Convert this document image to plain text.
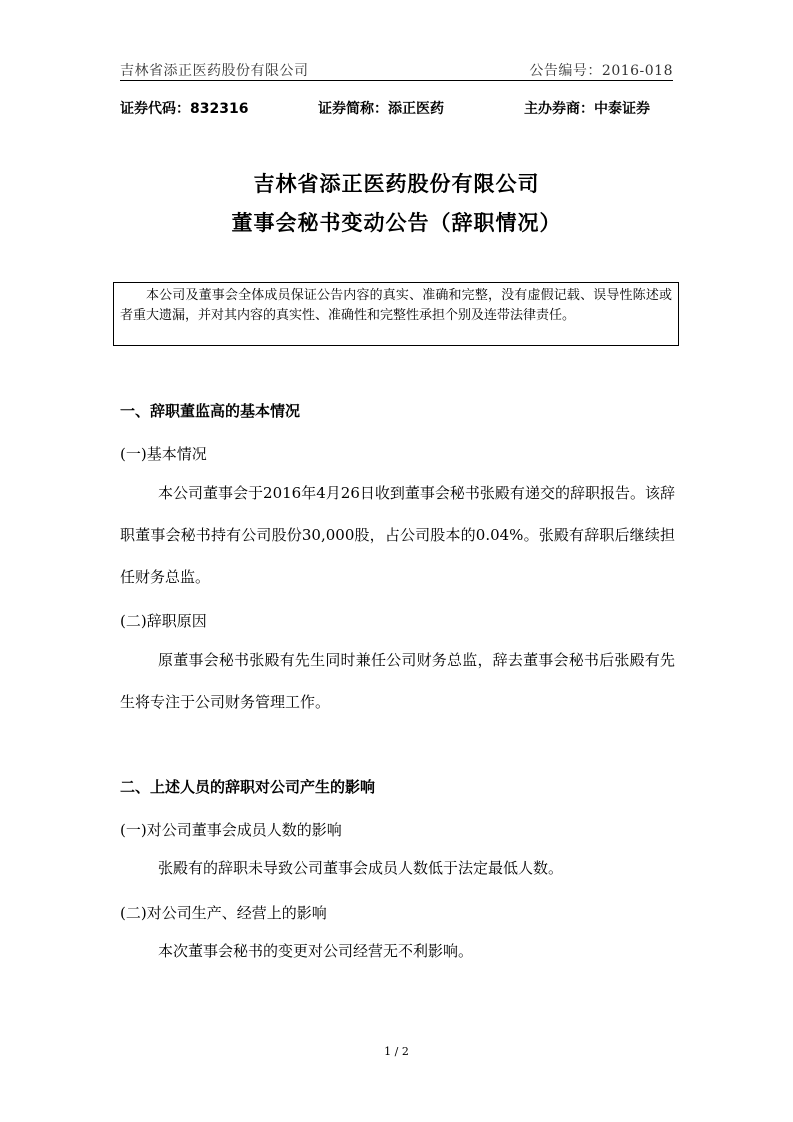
吉林省添正医药股份有限公司	公告编号：2016-018
证券代码：832316	证券简称：添正医药	主办券商：中泰证券
吉林省添正医药股份有限公司
董事会秘书变动公告（辞职情况）
本公司及董事会全体成员保证公告内容的真实、准确和完整，没有虚假记载、误导性陈述或者重大遗漏，并对其内容的真实性、准确性和完整性承担个别及连带法律责任。
一、辞职董监高的基本情况
(一)基本情况
本公司董事会于2016年4月26日收到董事会秘书张殿有递交的辞职报告。该辞职董事会秘书持有公司股份30,000股，占公司股本的0.04%。张殿有辞职后继续担任财务总监。
(二)辞职原因
原董事会秘书张殿有先生同时兼任公司财务总监，辞去董事会秘书后张殿有先生将专注于公司财务管理工作。
二、上述人员的辞职对公司产生的影响
(一)对公司董事会成员人数的影响
张殿有的辞职未导致公司董事会成员人数低于法定最低人数。
(二)对公司生产、经营上的影响
本次董事会秘书的变更对公司经营无不利影响。
1 / 2
